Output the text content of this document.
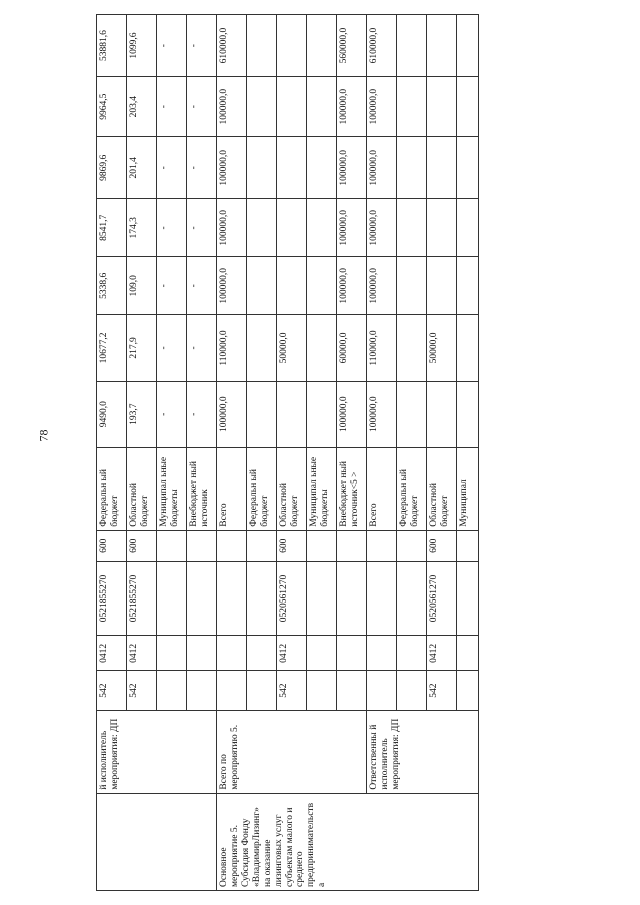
78
	й исполнитель мероприятия: ДП	542	0412	0521855270	600	Федеральн ый бюджет	9490,0	10677,2	5338,6	8541,7	9869,6	9964,5	53881,6
		542	0412	0521855270	600	Областной бюджет	193,7	217,9	109,0	174,3	201,4	203,4	1099,6
						Муниципал ьные бюджеты	-	-	-	-	-	-	-
						Внебюджет ный источник	-	-	-	-	-	-	-
Основное мероприятие 5. Субсидия Фонду «ВладимирЛизинг» на оказание лизинговых услуг субъектам малого и среднего предпринимательств а	Всего по мероприятию 5.					Всего	100000,0	110000,0	100000,0	100000,0	100000,0	100000,0	610000,0
						Федеральн ый бюджет							
		542	0412	0520561270	600	Областной бюджет		50000,0					
						Муниципал ьные бюджеты							
						Внебюджет ный источник<5 >	100000,0	60000,0	100000,0	100000,0	100000,0	100000,0	560000,0
	Ответственны й исполнитель мероприятия: ДП					Всего	100000,0	110000,0	100000,0	100000,0	100000,0	100000,0	610000,0
						Федеральн ый бюджет							
		542	0412	0520561270	600	Областной бюджет		50000,0					
						Муниципал							
